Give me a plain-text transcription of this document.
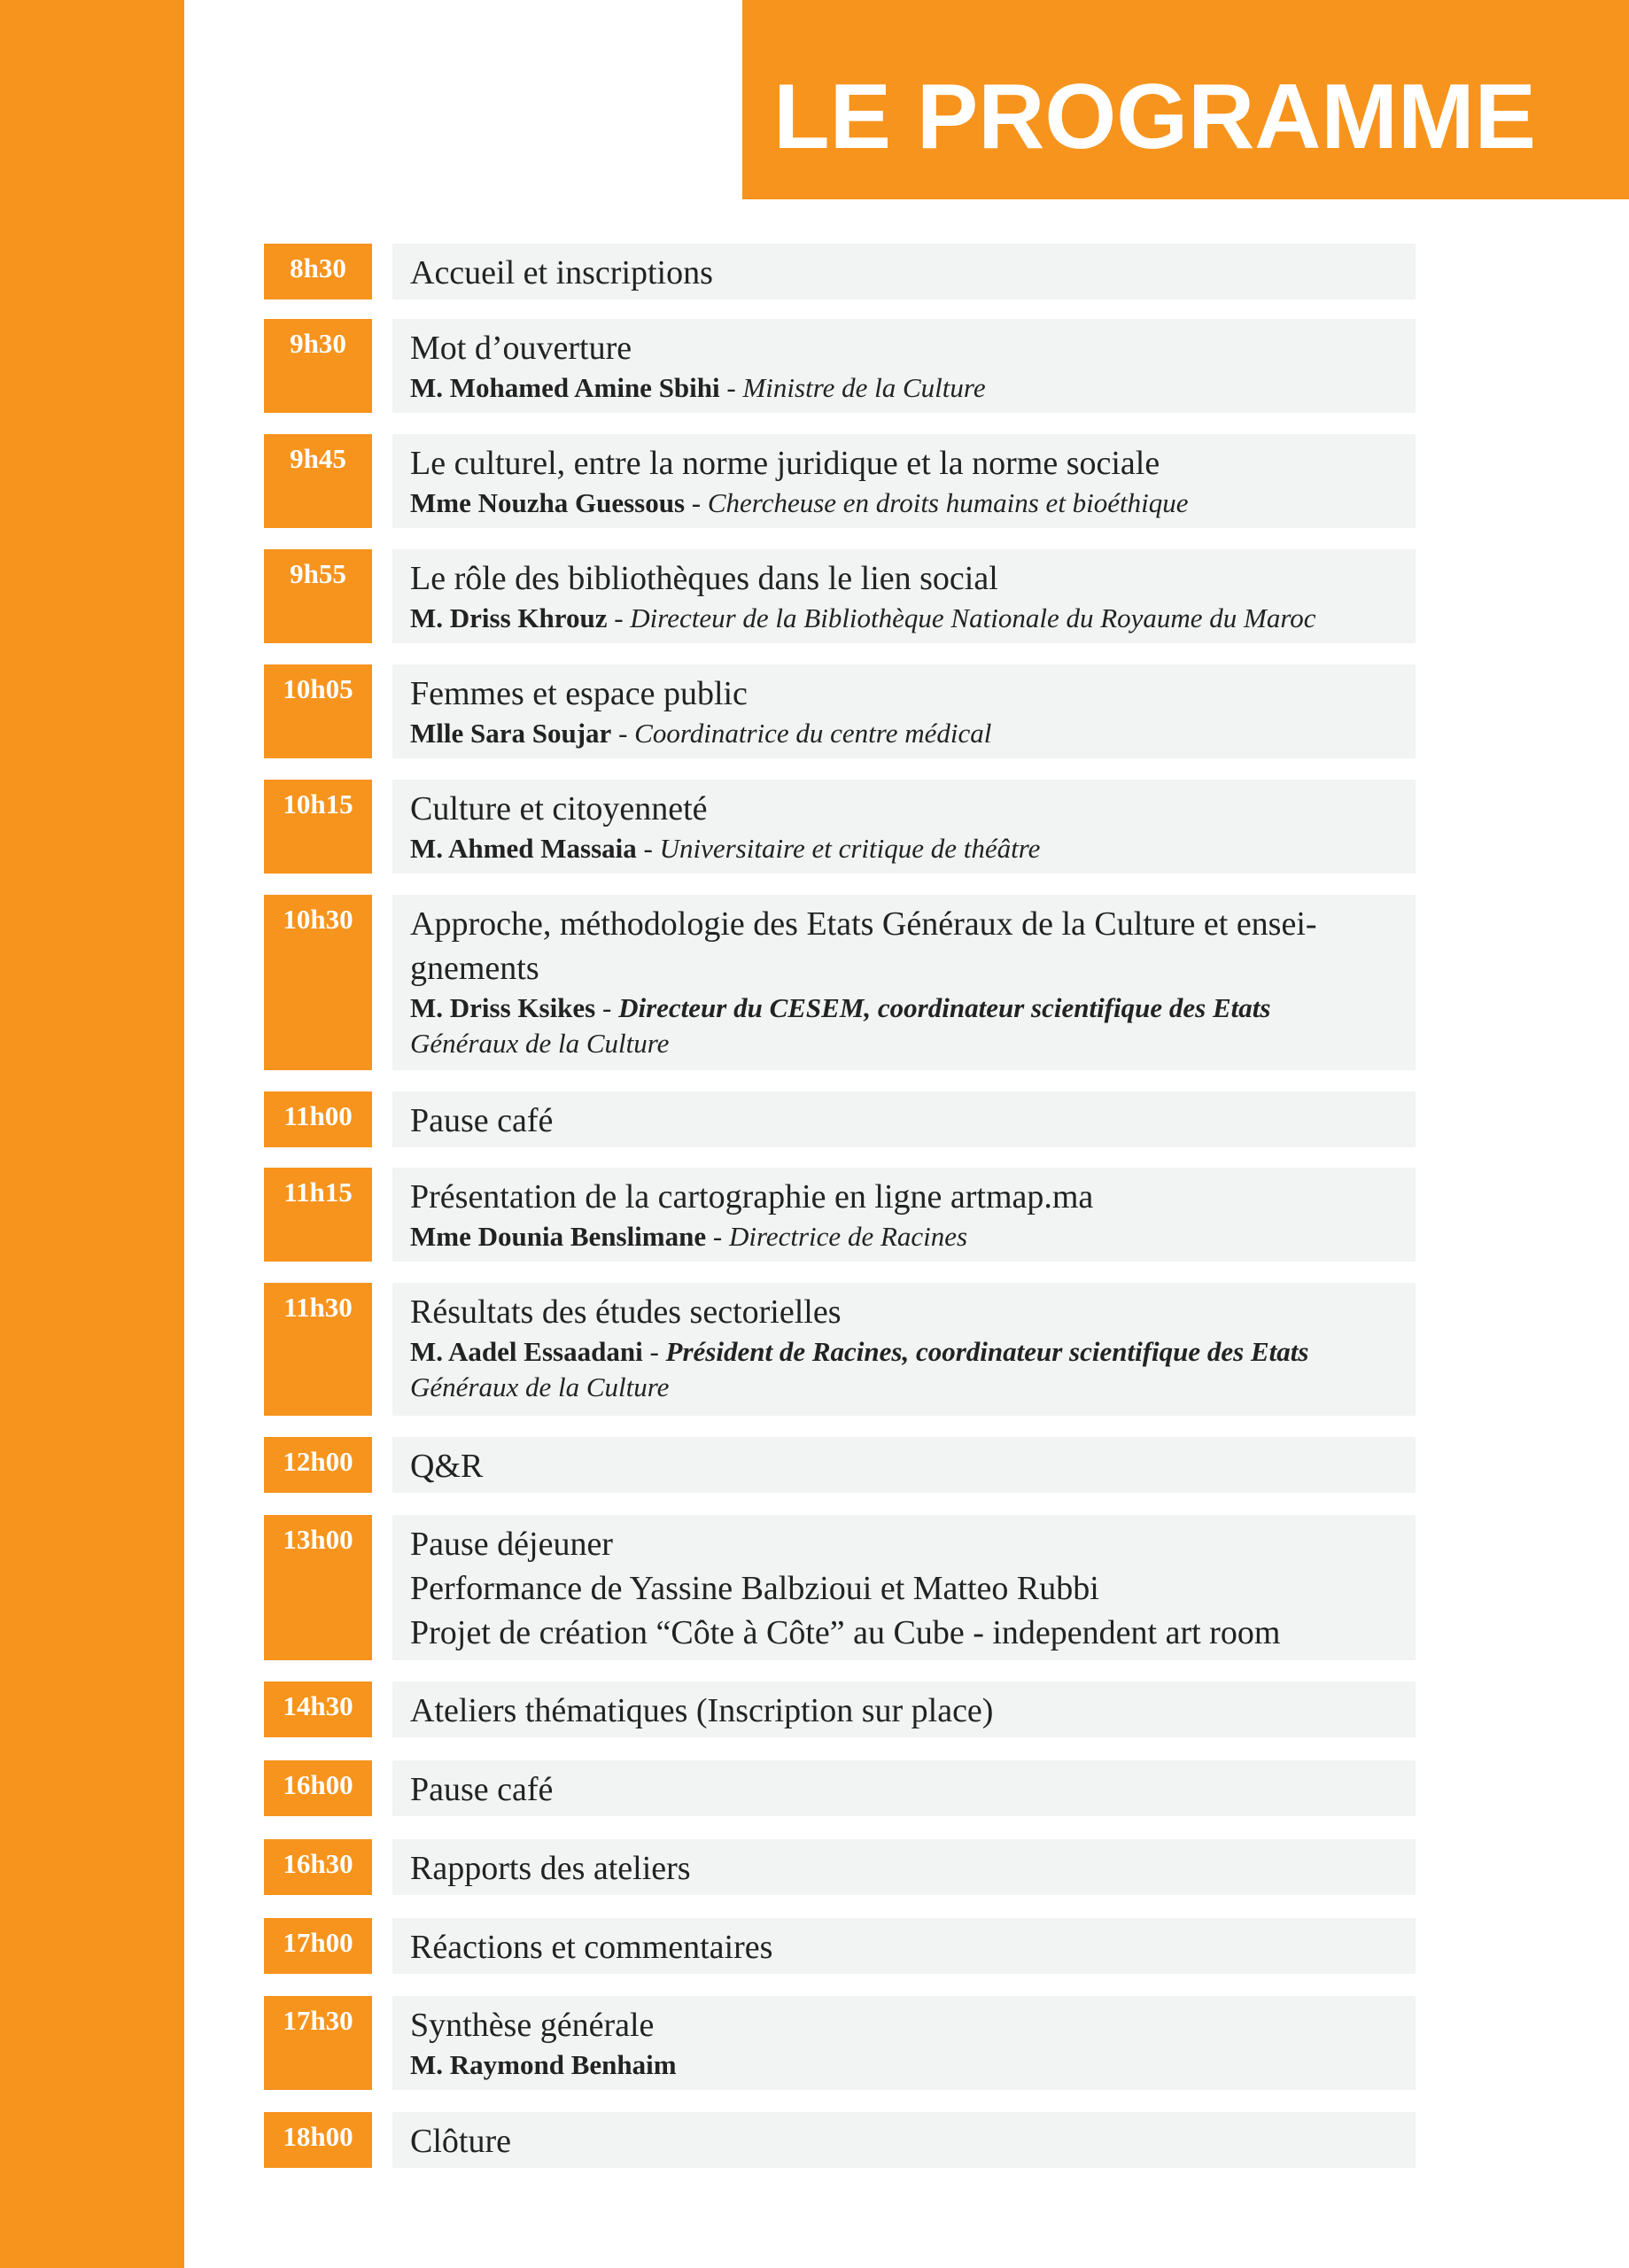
LE PROGRAMME
8h30	Accueil et inscriptions
9h30	Mot d’ouverture
M. Mohamed Amine Sbihi - Ministre de la Culture
9h45	Le culturel, entre la norme juridique et la norme sociale
Mme Nouzha Guessous - Chercheuse en droits humains et bioéthique
9h55	Le rôle des bibliothèques dans le lien social
M. Driss Khrouz - Directeur de la Bibliothèque Nationale du Royaume du Maroc
10h05	Femmes et espace public
Mlle Sara Soujar - Coordinatrice du centre médical
10h15	Culture et citoyenneté
M. Ahmed Massaia - Universitaire et critique de théâtre
10h30	Approche, méthodologie des Etats Généraux de la Culture et ensei-
gnements
M. Driss Ksikes - Directeur du CESEM, coordinateur scientifique des Etats
Généraux de la Culture
11h00	Pause café
11h15	Présentation de la cartographie en ligne artmap.ma
Mme Dounia Benslimane - Directrice de Racines
11h30	Résultats des études sectorielles
M. Aadel Essaadani - Président de Racines, coordinateur scientifique des Etats
Généraux de la Culture
12h00	Q&R
13h00	Pause déjeuner
Performance de Yassine Balbzioui et Matteo Rubbi
Projet de création “Côte à Côte” au Cube - independent art room
14h30	Ateliers thématiques (Inscription sur place)
16h00	Pause café
16h30	Rapports des ateliers
17h00	Réactions et commentaires
17h30	Synthèse générale
M. Raymond Benhaim
18h00	Clôture
